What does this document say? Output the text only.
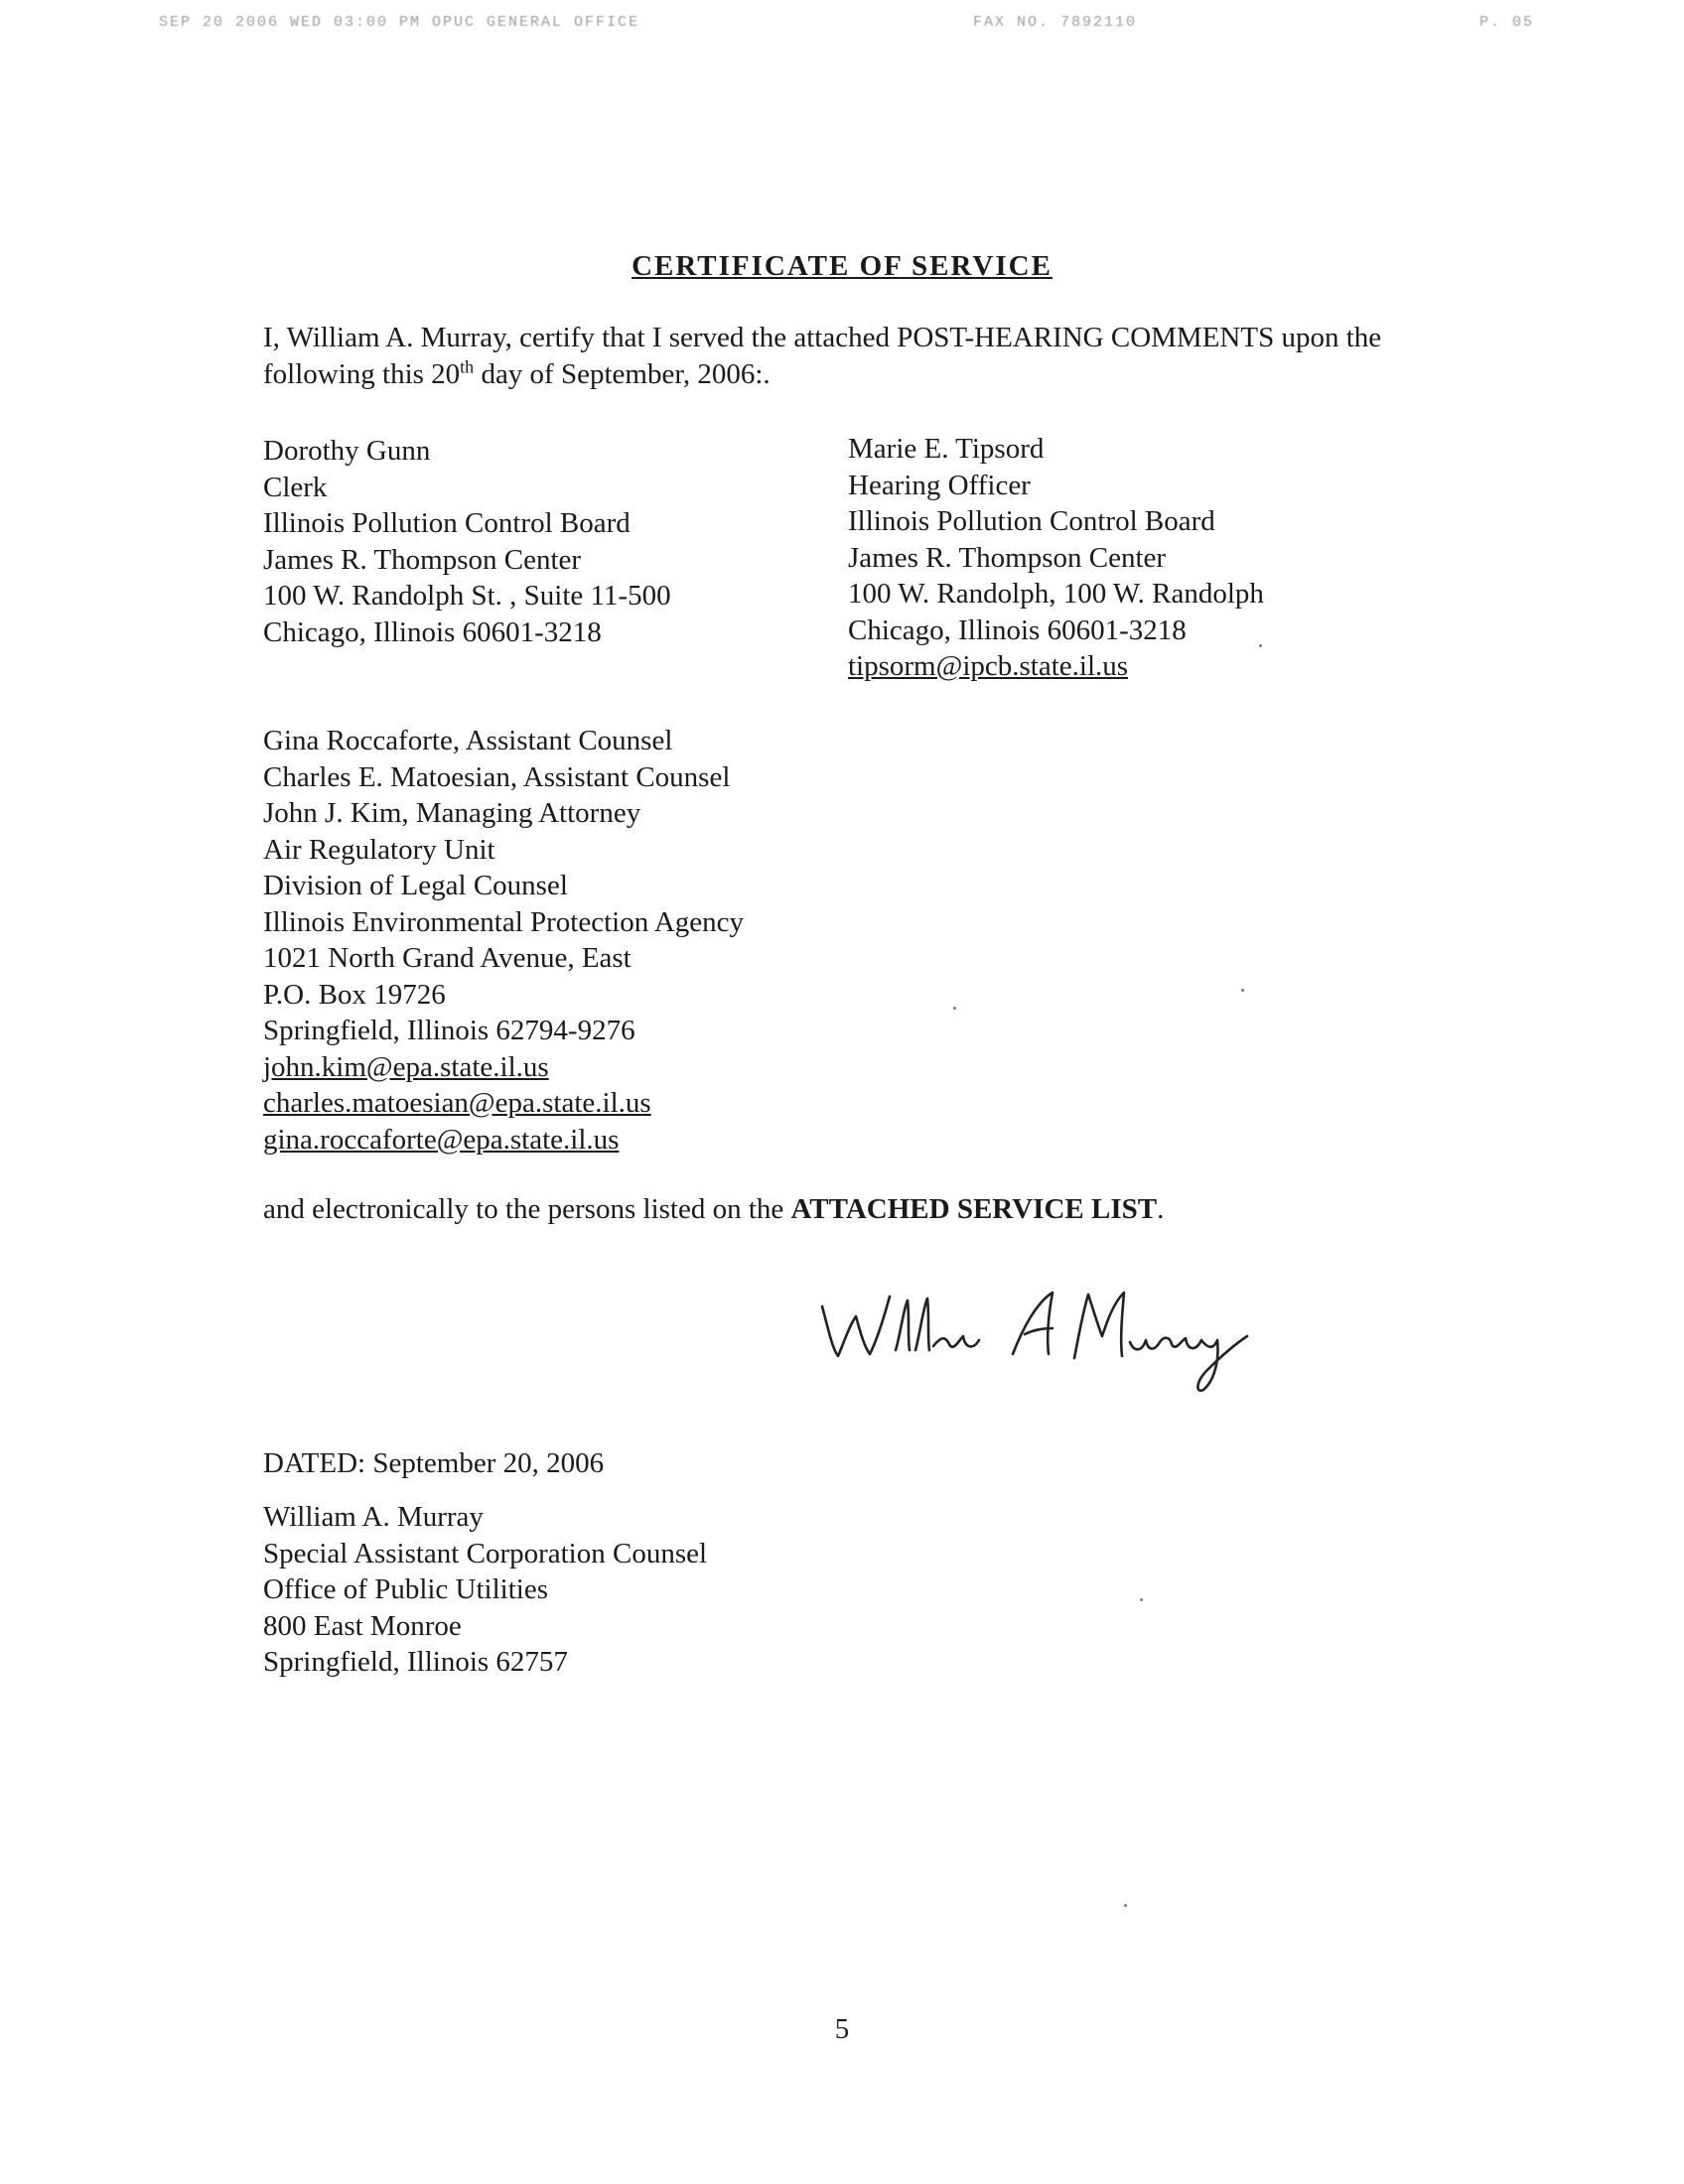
SEP 20 2006 WED 03:00 PM OPUC GENERAL OFFICE	FAX NO. 7892110	P. 05
CERTIFICATE OF SERVICE
I, William A. Murray, certify that I served the attached POST-HEARING COMMENTS upon the following this 20th day of September, 2006:.
Dorothy Gunn
Clerk
Illinois Pollution Control Board
James R. Thompson Center
100 W. Randolph St. , Suite 11-500
Chicago, Illinois 60601-3218
Marie E. Tipsord
Hearing Officer
Illinois Pollution Control Board
James R. Thompson Center
100 W. Randolph, 100 W. Randolph
Chicago, Illinois 60601-3218
tipsorm@ipcb.state.il.us
Gina Roccaforte, Assistant Counsel
Charles E. Matoesian, Assistant Counsel
John J. Kim, Managing Attorney
Air Regulatory Unit
Division of Legal Counsel
Illinois Environmental Protection Agency
1021 North Grand Avenue, East
P.O. Box 19726
Springfield, Illinois 62794-9276
john.kim@epa.state.il.us
charles.matoesian@epa.state.il.us
gina.roccaforte@epa.state.il.us
and electronically to the persons listed on the ATTACHED SERVICE LIST.
DATED: September 20, 2006
William A. Murray
Special Assistant Corporation Counsel
Office of Public Utilities
800 East Monroe
Springfield, Illinois 62757
5
